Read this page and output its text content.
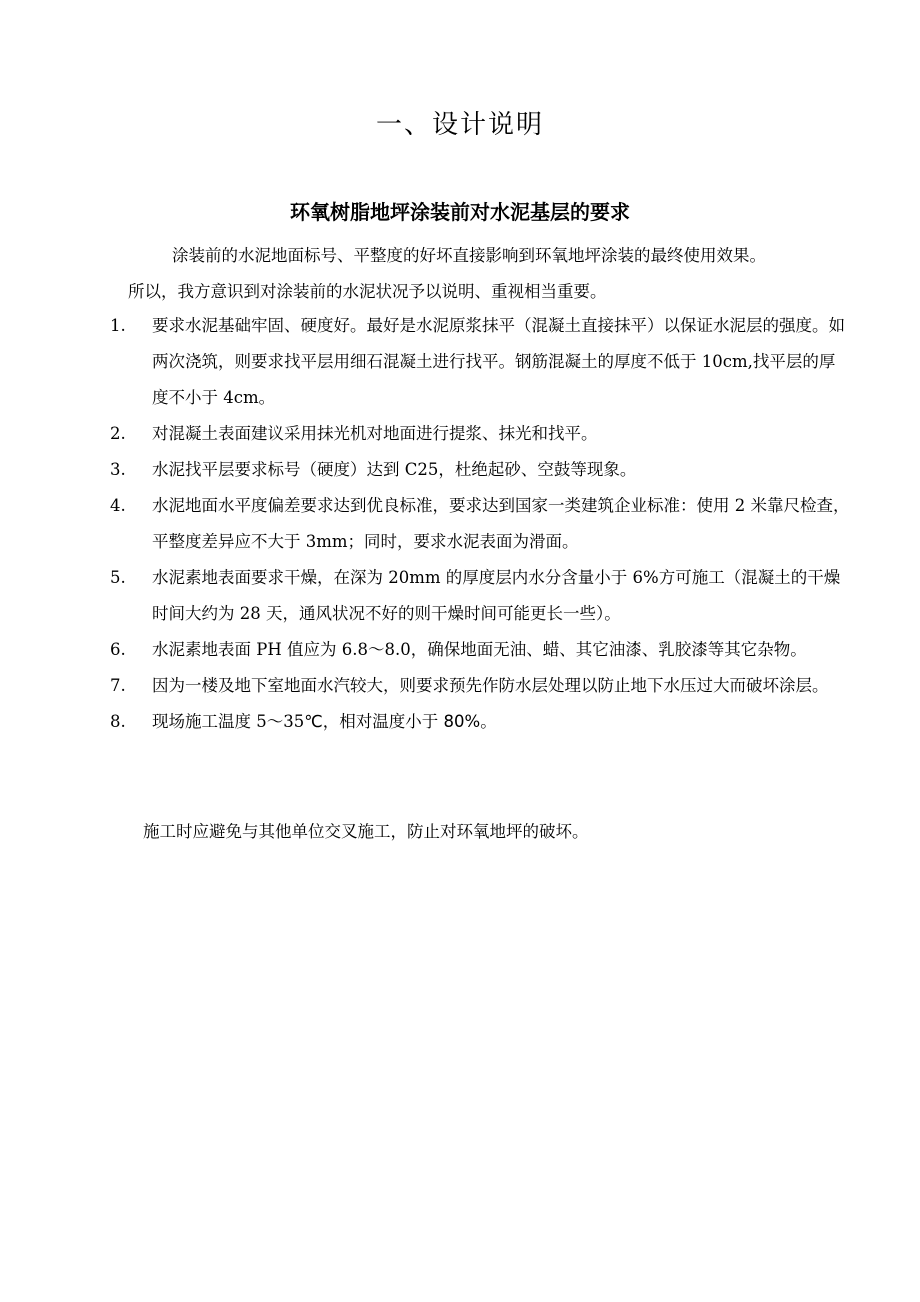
一、设计说明
环氧树脂地坪涂装前对水泥基层的要求
涂装前的水泥地面标号、平整度的好坏直接影响到环氧地坪涂装的最终使用效果。
所以，我方意识到对涂装前的水泥状况予以说明、重视相当重要。
1.	要求水泥基础牢固、硬度好。最好是水泥原浆抹平（混凝土直接抹平）以保证水泥层的强度。如两次浇筑，则要求找平层用细石混凝土进行找平。钢筋混凝土的厚度不低于 10cm,找平层的厚度不小于 4cm。
2.	对混凝土表面建议采用抹光机对地面进行提浆、抹光和找平。
3.	水泥找平层要求标号（硬度）达到 C25，杜绝起砂、空鼓等现象。
4.	水泥地面水平度偏差要求达到优良标准，要求达到国家一类建筑企业标准：使用 2 米靠尺检查，平整度差异应不大于 3mm；同时，要求水泥表面为滑面。
5.	水泥素地表面要求干燥，在深为 20mm 的厚度层内水分含量小于 6%方可施工（混凝土的干燥时间大约为 28 天，通风状况不好的则干燥时间可能更长一些）。
6.	水泥素地表面 PH 值应为 6.8～8.0，确保地面无油、蜡、其它油漆、乳胶漆等其它杂物。
7.	因为一楼及地下室地面水汽较大，则要求预先作防水层处理以防止地下水压过大而破坏涂层。
8.	现场施工温度 5～35℃，相对温度小于 80%。
施工时应避免与其他单位交叉施工，防止对环氧地坪的破坏。
